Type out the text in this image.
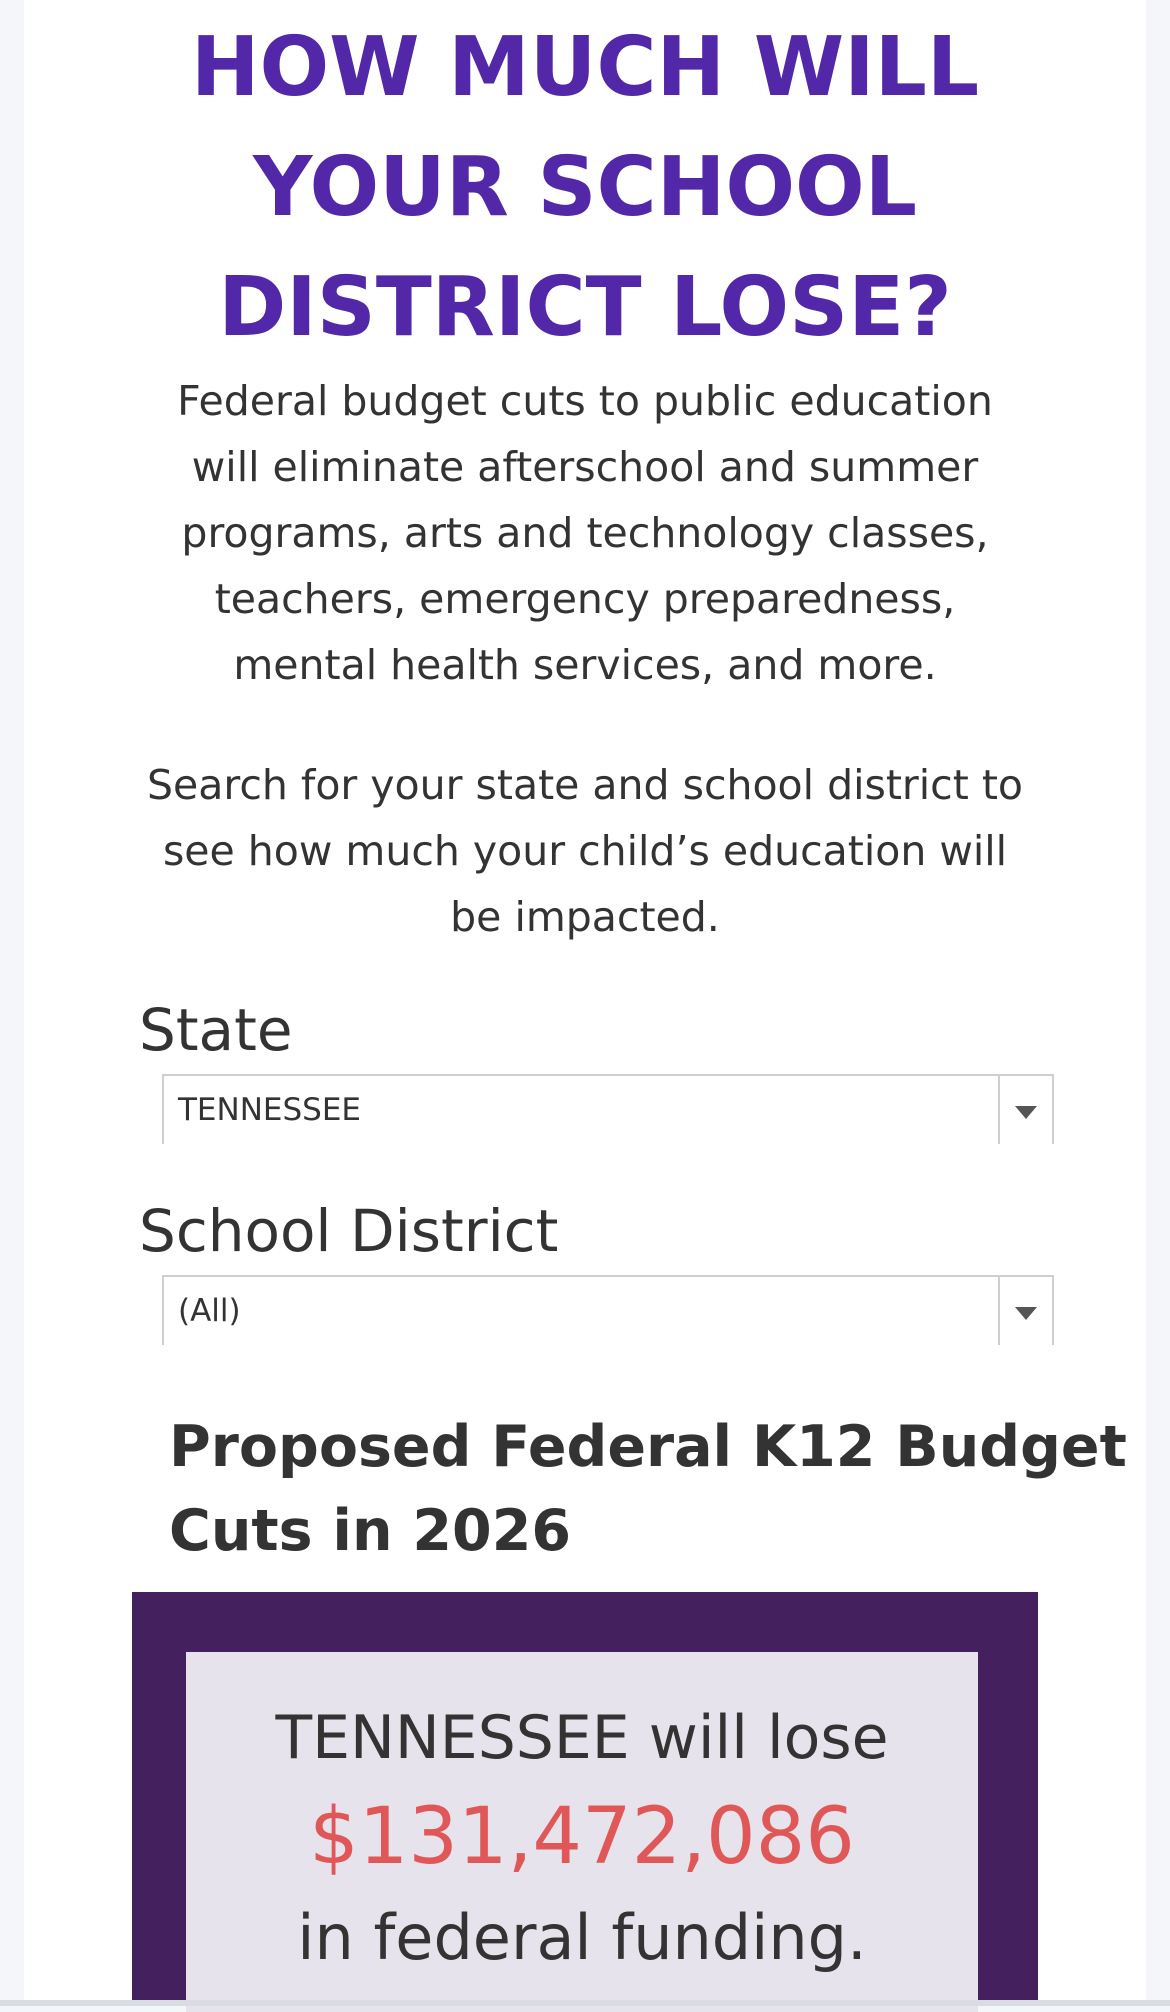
HOW MUCH WILL
YOUR SCHOOL
DISTRICT LOSE?

Federal budget cuts to public education
will eliminate afterschool and summer
programs, arts and technology classes,
teachers, emergency preparedness,
mental health services, and more.

Search for your state and school district to
see how much your child’s education will
be impacted.

State
TENNESSEE
School District
(All)
Proposed Federal K12 Budget
Cuts in 2026
TENNESSEE will lose
$131,472,086
in federal funding.
